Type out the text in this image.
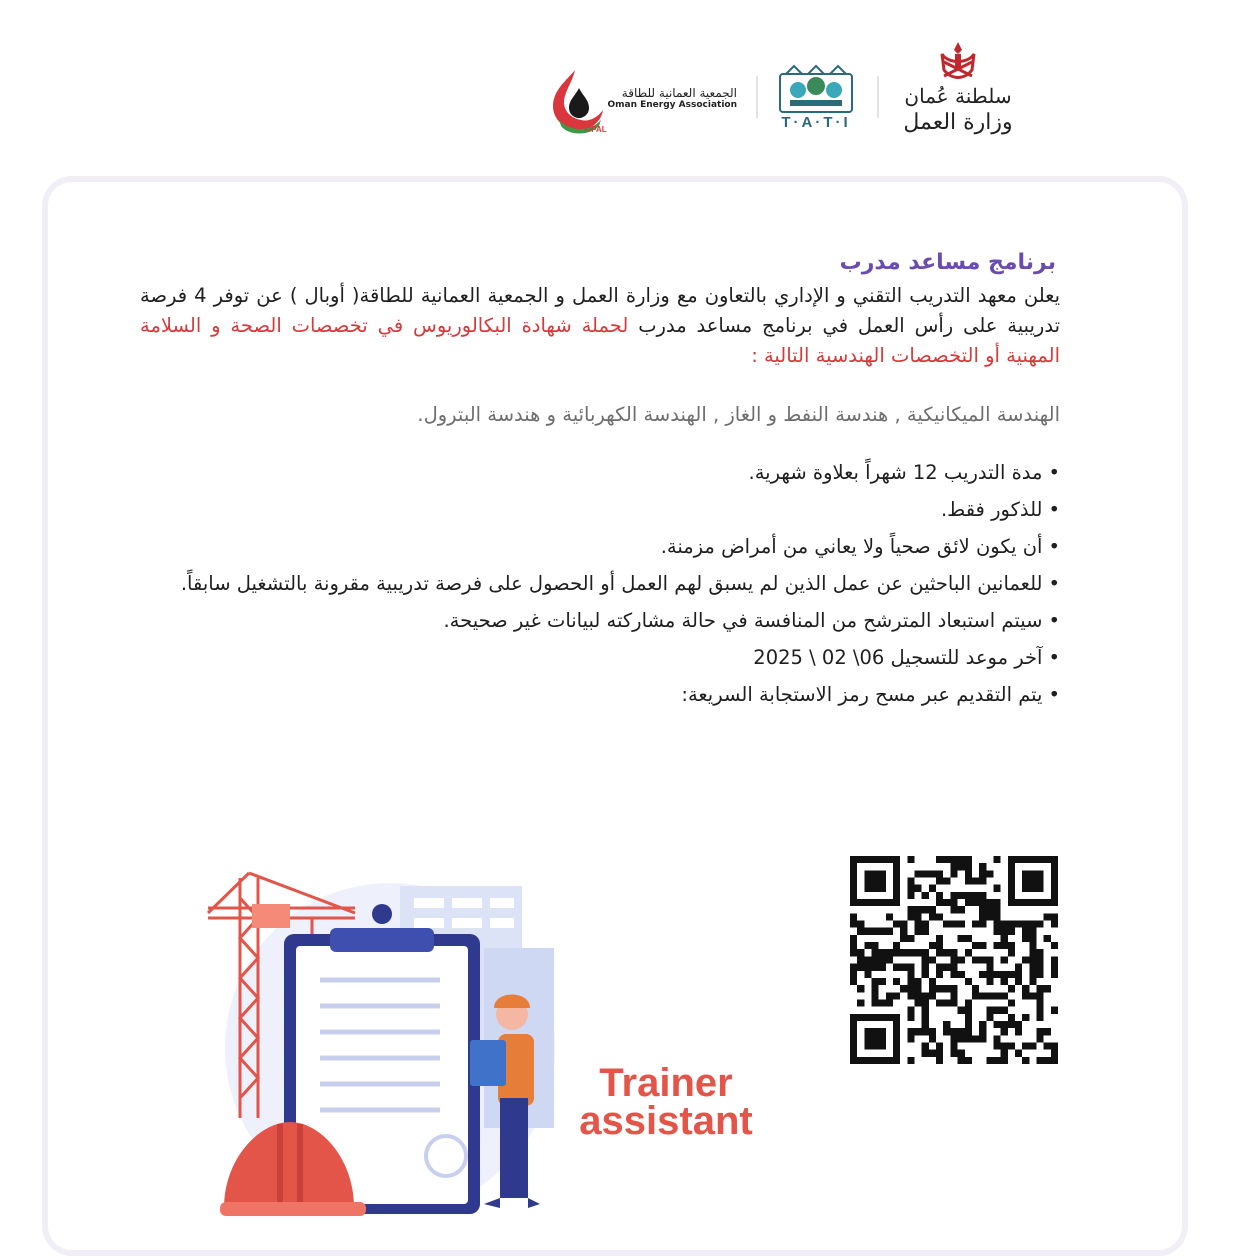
OPAL
الجمعية العمانية للطاقة
Oman Energy Association
T·A·T·I
سلطنة عُمان
وزارة العمل
برنامج مساعد مدرب
يعلن معهد التدريب التقني و الإداري بالتعاون مع وزارة العمل و الجمعية العمانية للطاقة( أوبال ) عن توفر 4 فرصة تدريبية على رأس العمل في برنامج مساعد مدرب لحملة شهادة البكالوريوس في تخصصات الصحة و السلامة المهنية أو التخصصات الهندسية التالية :
الهندسة الميكانيكية , هندسة النفط و الغاز , الهندسة الكهربائية و هندسة البترول.
•مدة التدريب 12 شهراً بعلاوة شهرية.
•للذكور فقط.
•أن يكون لائق صحياً ولا يعاني من أمراض مزمنة.
•للعمانين الباحثين عن عمل الذين لم يسبق لهم العمل أو الحصول على فرصة تدريبية مقرونة بالتشغيل سابقاً.
•سيتم استبعاد المترشح من المنافسة في حالة مشاركته لبيانات غير صحيحة.
•آخر موعد للتسجيل 06\ 02 \ 2025
•يتم التقديم عبر مسح رمز الاستجابة السريعة:
Trainer
assistant
